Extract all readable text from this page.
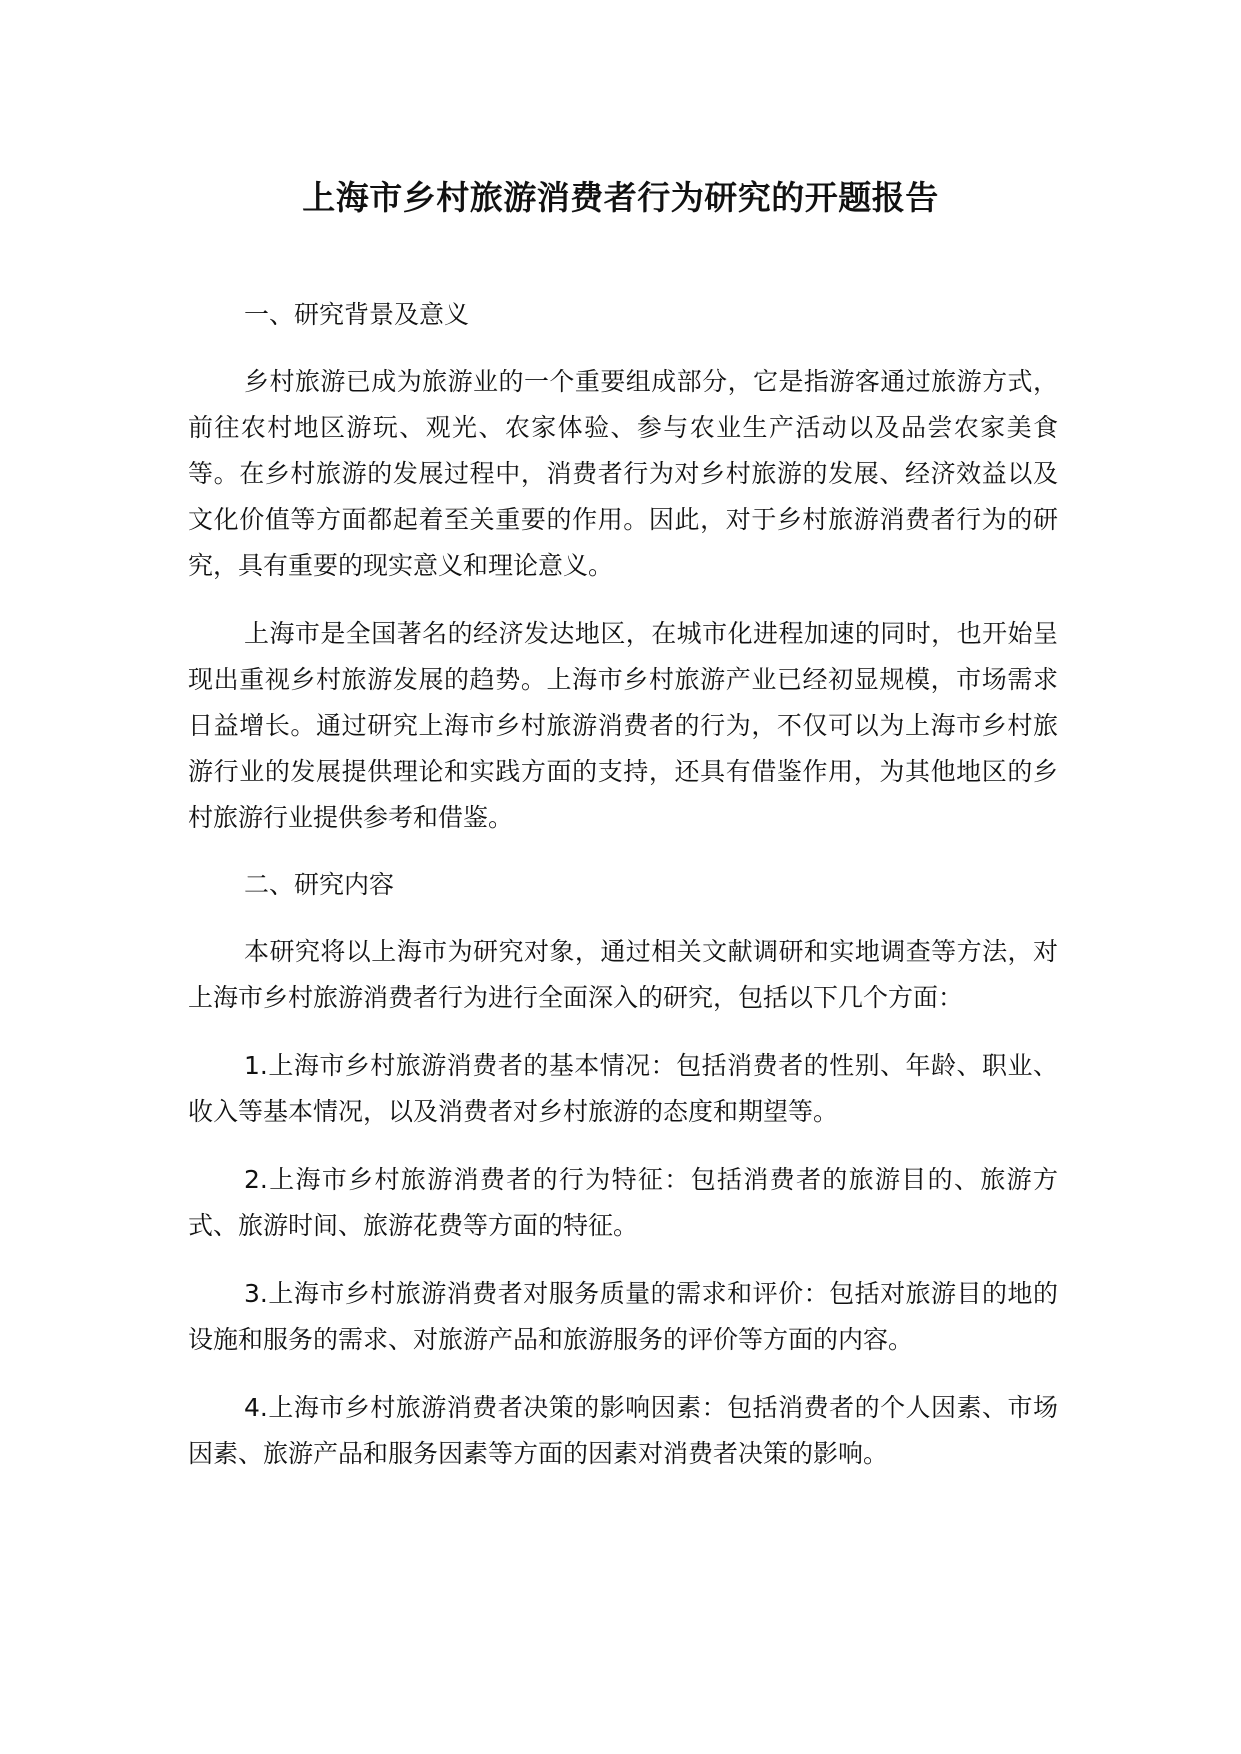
上海市乡村旅游消费者行为研究的开题报告
一、研究背景及意义

乡村旅游已成为旅游业的一个重要组成部分，它是指游客通过旅游方式，前往农村地区游玩、观光、农家体验、参与农业生产活动以及品尝农家美食等。在乡村旅游的发展过程中，消费者行为对乡村旅游的发展、经济效益以及文化价值等方面都起着至关重要的作用。因此，对于乡村旅游消费者行为的研究，具有重要的现实意义和理论意义。

上海市是全国著名的经济发达地区，在城市化进程加速的同时，也开始呈现出重视乡村旅游发展的趋势。上海市乡村旅游产业已经初显规模，市场需求日益增长。通过研究上海市乡村旅游消费者的行为，不仅可以为上海市乡村旅游行业的发展提供理论和实践方面的支持，还具有借鉴作用，为其他地区的乡村旅游行业提供参考和借鉴。

二、研究内容

本研究将以上海市为研究对象，通过相关文献调研和实地调查等方法，对上海市乡村旅游消费者行为进行全面深入的研究，包括以下几个方面：

1.上海市乡村旅游消费者的基本情况：包括消费者的性别、年龄、职业、收入等基本情况，以及消费者对乡村旅游的态度和期望等。

2.上海市乡村旅游消费者的行为特征：包括消费者的旅游目的、旅游方式、旅游时间、旅游花费等方面的特征。

3.上海市乡村旅游消费者对服务质量的需求和评价：包括对旅游目的地的设施和服务的需求、对旅游产品和旅游服务的评价等方面的内容。

4.上海市乡村旅游消费者决策的影响因素：包括消费者的个人因素、市场因素、旅游产品和服务因素等方面的因素对消费者决策的影响。
